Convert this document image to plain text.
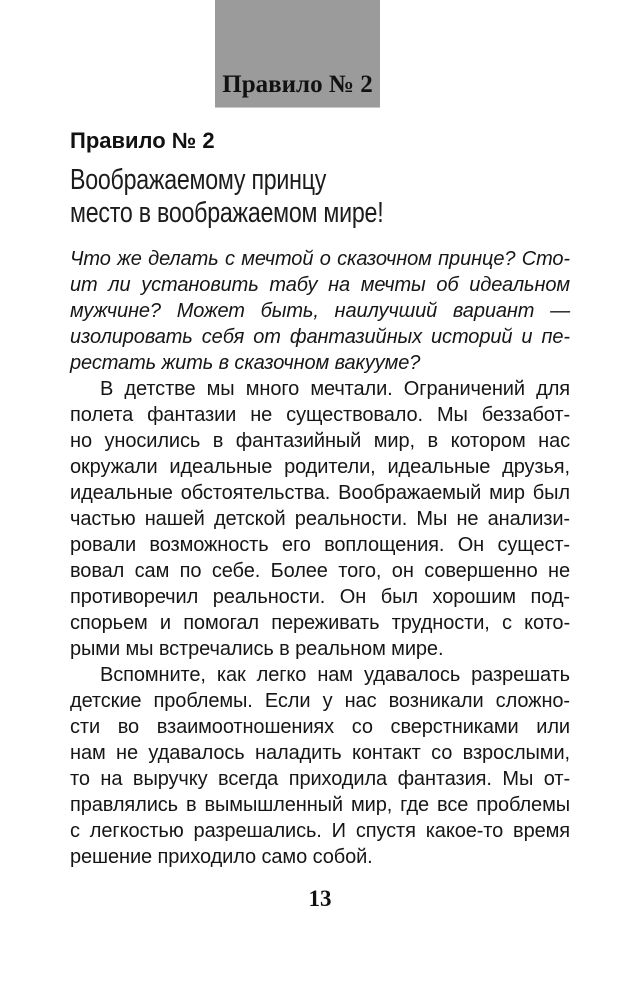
Правило № 2
Правило № 2
Воображаемому принцу
место в воображаемом мире!
Что же делать с мечтой о сказочном принце? Сто-
ит ли установить табу на мечты об идеальном
мужчине? Может быть, наилучший вариант —
изолировать себя от фантазийных историй и пе-
рестать жить в сказочном вакууме?
В детстве мы много мечтали. Ограничений для
полета фантазии не существовало. Мы беззабот-
но уносились в фантазийный мир, в котором нас
окружали идеальные родители, идеальные друзья,
идеальные обстоятельства. Воображаемый мир был
частью нашей детской реальности. Мы не анализи-
ровали возможность его воплощения. Он сущест-
вовал сам по себе. Более того, он совершенно не
противоречил реальности. Он был хорошим под-
спорьем и помогал переживать трудности, с кото-
рыми мы встречались в реальном мире.
Вспомните, как легко нам удавалось разрешать
детские проблемы. Если у нас возникали сложно-
сти во взаимоотношениях со сверстниками или
нам не удавалось наладить контакт со взрослыми,
то на выручку всегда приходила фантазия. Мы от-
правлялись в вымышленный мир, где все проблемы
с легкостью разрешались. И спустя какое-то время
решение приходило само собой.
13
